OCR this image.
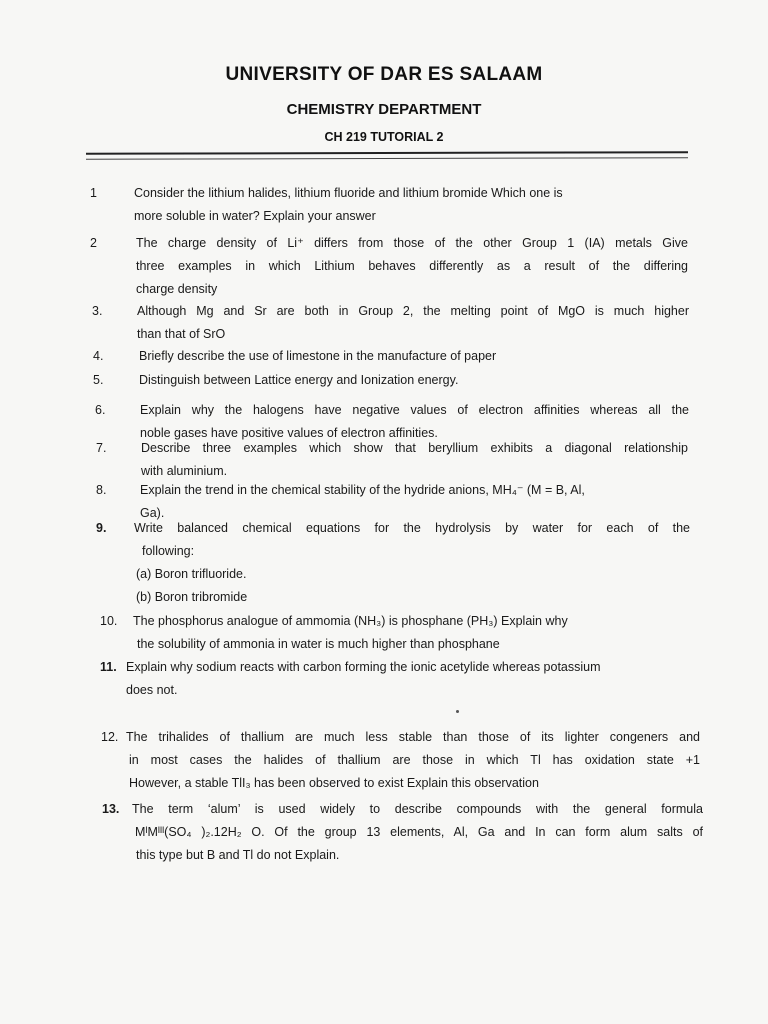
UNIVERSITY OF DAR ES SALAAM
CHEMISTRY DEPARTMENT
CH 219 TUTORIAL 2
1	Consider the lithium halides, lithium fluoride and lithium bromide Which one is
more soluble in water? Explain your answer
2	The charge density of Li⁺ differs from those of the other Group 1 (IA) metals Give
three examples in which Lithium behaves differently as a result of the differing
charge density
3.	Although Mg and Sr are both in Group 2, the melting point of MgO is much higher
than that of SrO
4.	Briefly describe the use of limestone in the manufacture of paper
5.	Distinguish between Lattice energy and Ionization energy.
6.	Explain why the halogens have negative values of electron affinities whereas all the
noble gases have positive values of electron affinities.
7.	Describe three examples which show that beryllium exhibits a diagonal relationship
with aluminium.
8.	Explain the trend in the chemical stability of the hydride anions, MH₄⁻ (M = B, Al,
Ga).
9. Write balanced chemical equations for the hydrolysis by water for each of the
following:
(a) Boron trifluoride.
(b) Boron tribromide
10. The phosphorus analogue of ammomia (NH₃) is phosphane (PH₃) Explain why
the solubility of ammonia in water is much higher than phosphane
11. Explain why sodium reacts with carbon forming the ionic acetylide whereas potassium
does not.
12. The trihalides of thallium are much less stable than those of its lighter congeners and
in most cases the halides of thallium are those in which Tl has oxidation state +1
However, a stable TlI₃ has been observed to exist Explain this observation
13. The term ‘alum’ is used widely to describe compounds with the general formula
MᴵMᴵᴵᴵ(SO₄ )₂.12H₂ O. Of the group 13 elements, Al, Ga and In can form alum salts of
this type but B and Tl do not Explain.
